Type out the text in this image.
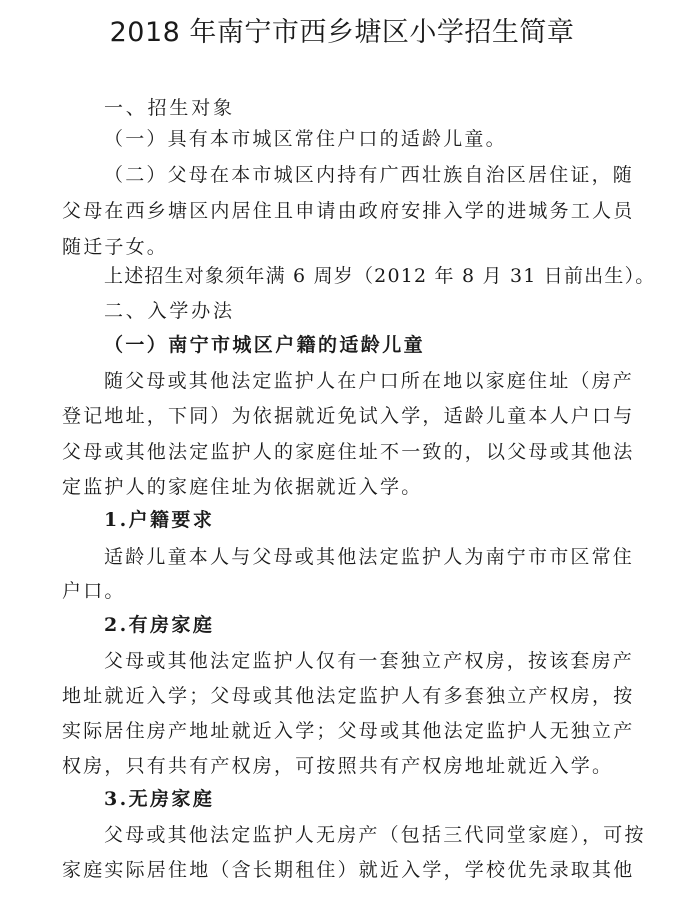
2018 年南宁市西乡塘区小学招生简章
一、招生对象
（一）具有本市城区常住户口的适龄儿童。
（二）父母在本市城区内持有广西壮族自治区居住证，随
父母在西乡塘区内居住且申请由政府安排入学的进城务工人员
随迁子女。
上述招生对象须年满 6 周岁（2012 年 8 月 31 日前出生）。
二、入学办法
（一）南宁市城区户籍的适龄儿童
随父母或其他法定监护人在户口所在地以家庭住址（房产
登记地址，下同）为依据就近免试入学，适龄儿童本人户口与
父母或其他法定监护人的家庭住址不一致的，以父母或其他法
定监护人的家庭住址为依据就近入学。
1.户籍要求
适龄儿童本人与父母或其他法定监护人为南宁市市区常住
户口。
2.有房家庭
父母或其他法定监护人仅有一套独立产权房，按该套房产
地址就近入学；父母或其他法定监护人有多套独立产权房，按
实际居住房产地址就近入学；父母或其他法定监护人无独立产
权房，只有共有产权房，可按照共有产权房地址就近入学。
3.无房家庭
父母或其他法定监护人无房产（包括三代同堂家庭），可按
家庭实际居住地（含长期租住）就近入学，学校优先录取其他
